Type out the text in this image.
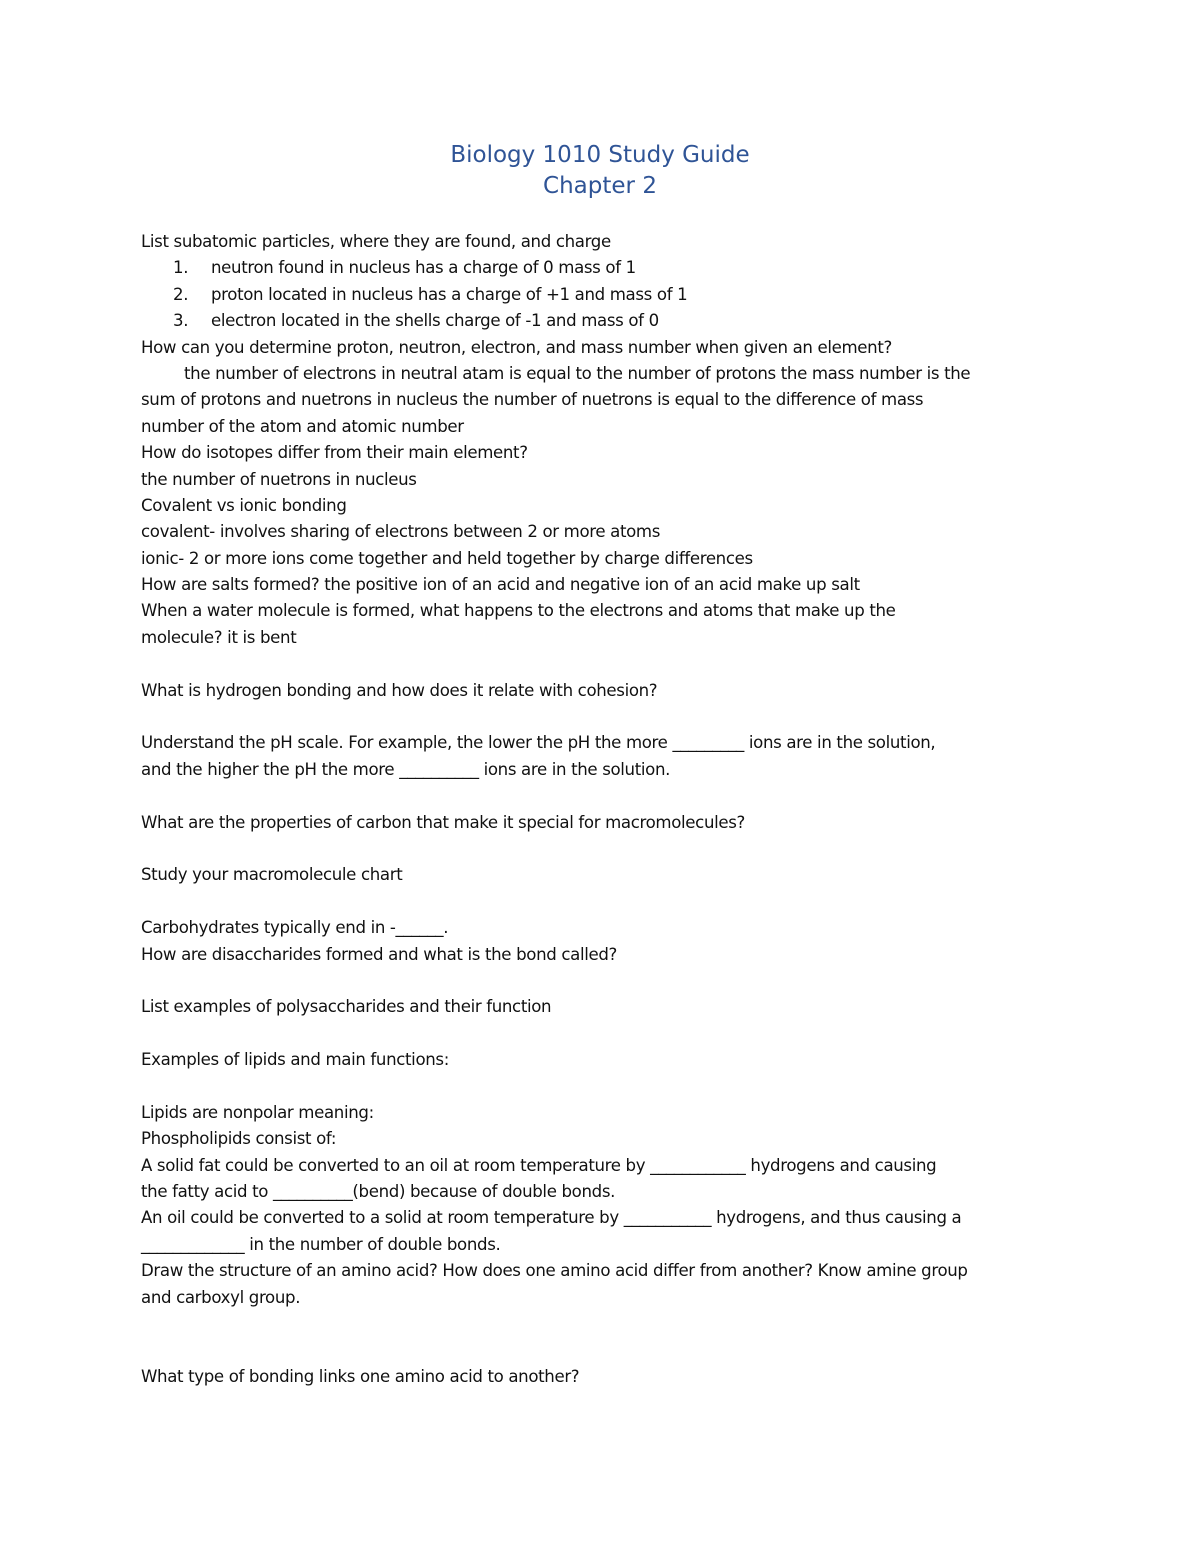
Biology 1010 Study Guide
Chapter 2
List subatomic particles, where they are found, and charge
1.	neutron found in nucleus has a charge of 0 mass of 1
2.	proton located in nucleus has a charge of +1 and mass of 1
3.	electron located in the shells charge of -1 and mass of 0
How can you determine proton, neutron, electron, and mass number when given an element?
the number of electrons in neutral atam is equal to the number of protons the mass number is the
sum of protons and nuetrons in nucleus the number of nuetrons is equal to the difference of mass
number of the atom and atomic number
How do isotopes differ from their main element?
the number of nuetrons in nucleus
Covalent vs ionic bonding
covalent- involves sharing of electrons between 2 or more atoms
ionic- 2 or more ions come together and held together by charge differences
How are salts formed? the positive ion of an acid and negative ion of an acid make up salt
When a water molecule is formed, what happens to the electrons and atoms that make up the
molecule? it is bent
What is hydrogen bonding and how does it relate with cohesion?
Understand the pH scale. For example, the lower the pH the more _________ ions are in the solution,
and the higher the pH the more __________ ions are in the solution.
What are the properties of carbon that make it special for macromolecules?
Study your macromolecule chart
Carbohydrates typically end in -______.
How are disaccharides formed and what is the bond called?
List examples of polysaccharides and their function
Examples of lipids and main functions:
Lipids are nonpolar meaning:
Phospholipids consist of:
A solid fat could be converted to an oil at room temperature by ____________ hydrogens and causing
the fatty acid to __________(bend) because of double bonds.
An oil could be converted to a solid at room temperature by ___________ hydrogens, and thus causing a
_____________ in the number of double bonds.
Draw the structure of an amino acid? How does one amino acid differ from another? Know amine group
and carboxyl group.
What type of bonding links one amino acid to another?
